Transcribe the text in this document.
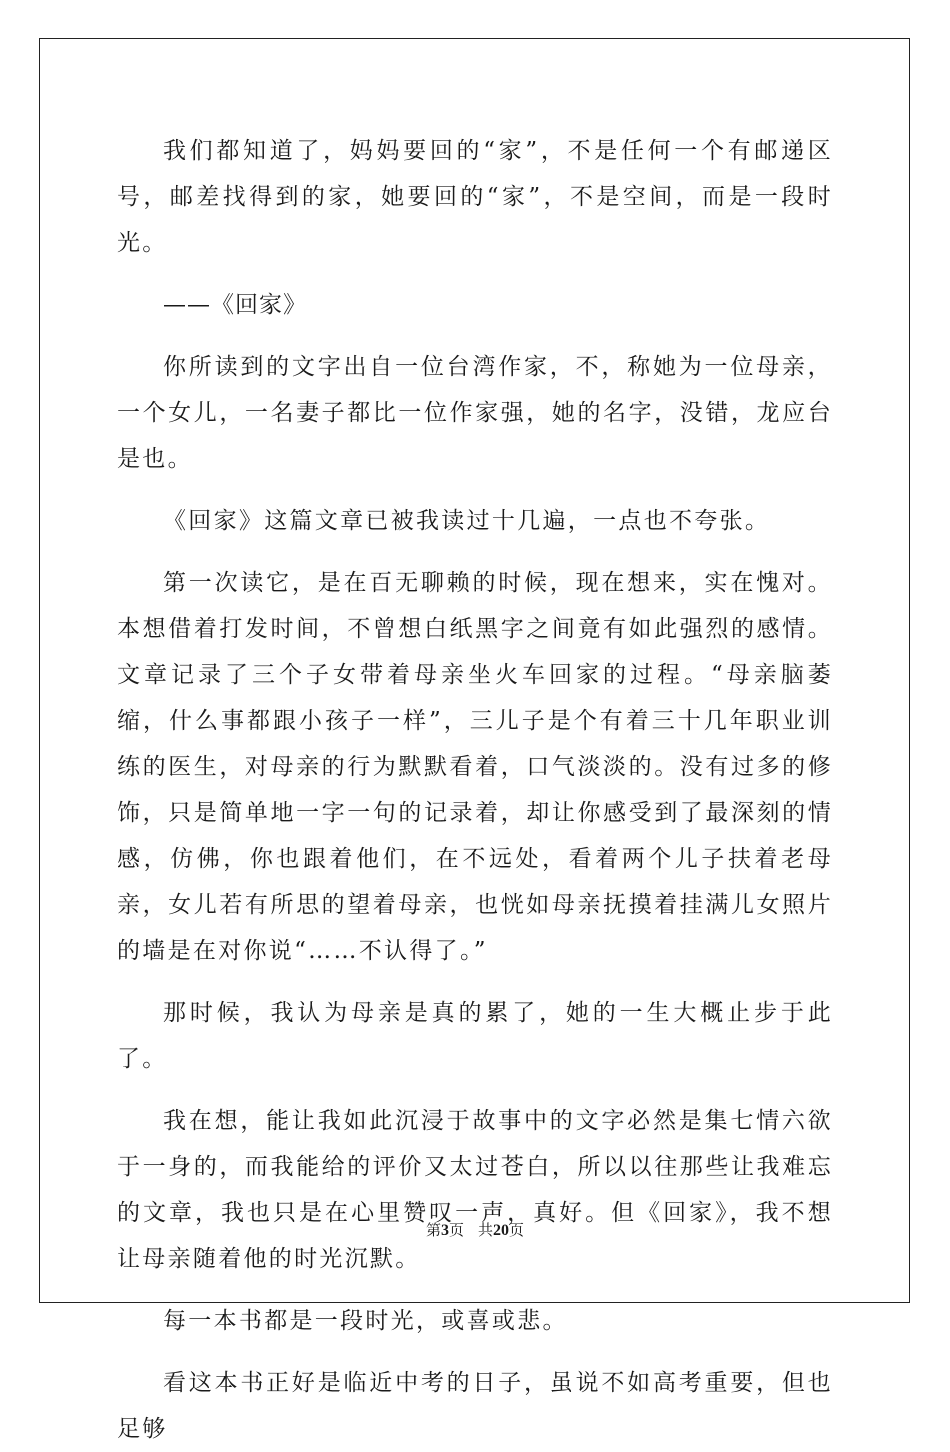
我们都知道了，妈妈要回的“家”，不是任何一个有邮递区号，邮差找得到的家，她要回的“家”，不是空间，而是一段时光。

——《回家》

你所读到的文字出自一位台湾作家，不，称她为一位母亲，一个女儿，一名妻子都比一位作家强，她的名字，没错，龙应台是也。

《回家》这篇文章已被我读过十几遍，一点也不夸张。

第一次读它，是在百无聊赖的时候，现在想来，实在愧对。本想借着打发时间，不曾想白纸黑字之间竟有如此强烈的感情。文章记录了三个子女带着母亲坐火车回家的过程。“母亲脑萎缩，什么事都跟小孩子一样”，三儿子是个有着三十几年职业训练的医生，对母亲的行为默默看着，口气淡淡的。没有过多的修饰，只是简单地一字一句的记录着，却让你感受到了最深刻的情感，仿佛，你也跟着他们，在不远处，看着两个儿子扶着老母亲，女儿若有所思的望着母亲，也恍如母亲抚摸着挂满儿女照片的墙是在对你说“……不认得了。”

那时候，我认为母亲是真的累了，她的一生大概止步于此了。

我在想，能让我如此沉浸于故事中的文字必然是集七情六欲于一身的，而我能给的评价又太过苍白，所以以往那些让我难忘的文章，我也只是在心里赞叹一声，真好。但《回家》，我不想让母亲随着他的时光沉默。

每一本书都是一段时光，或喜或悲。

看这本书正好是临近中考的日子，虽说不如高考重要，但也足够

第3页 共20页
